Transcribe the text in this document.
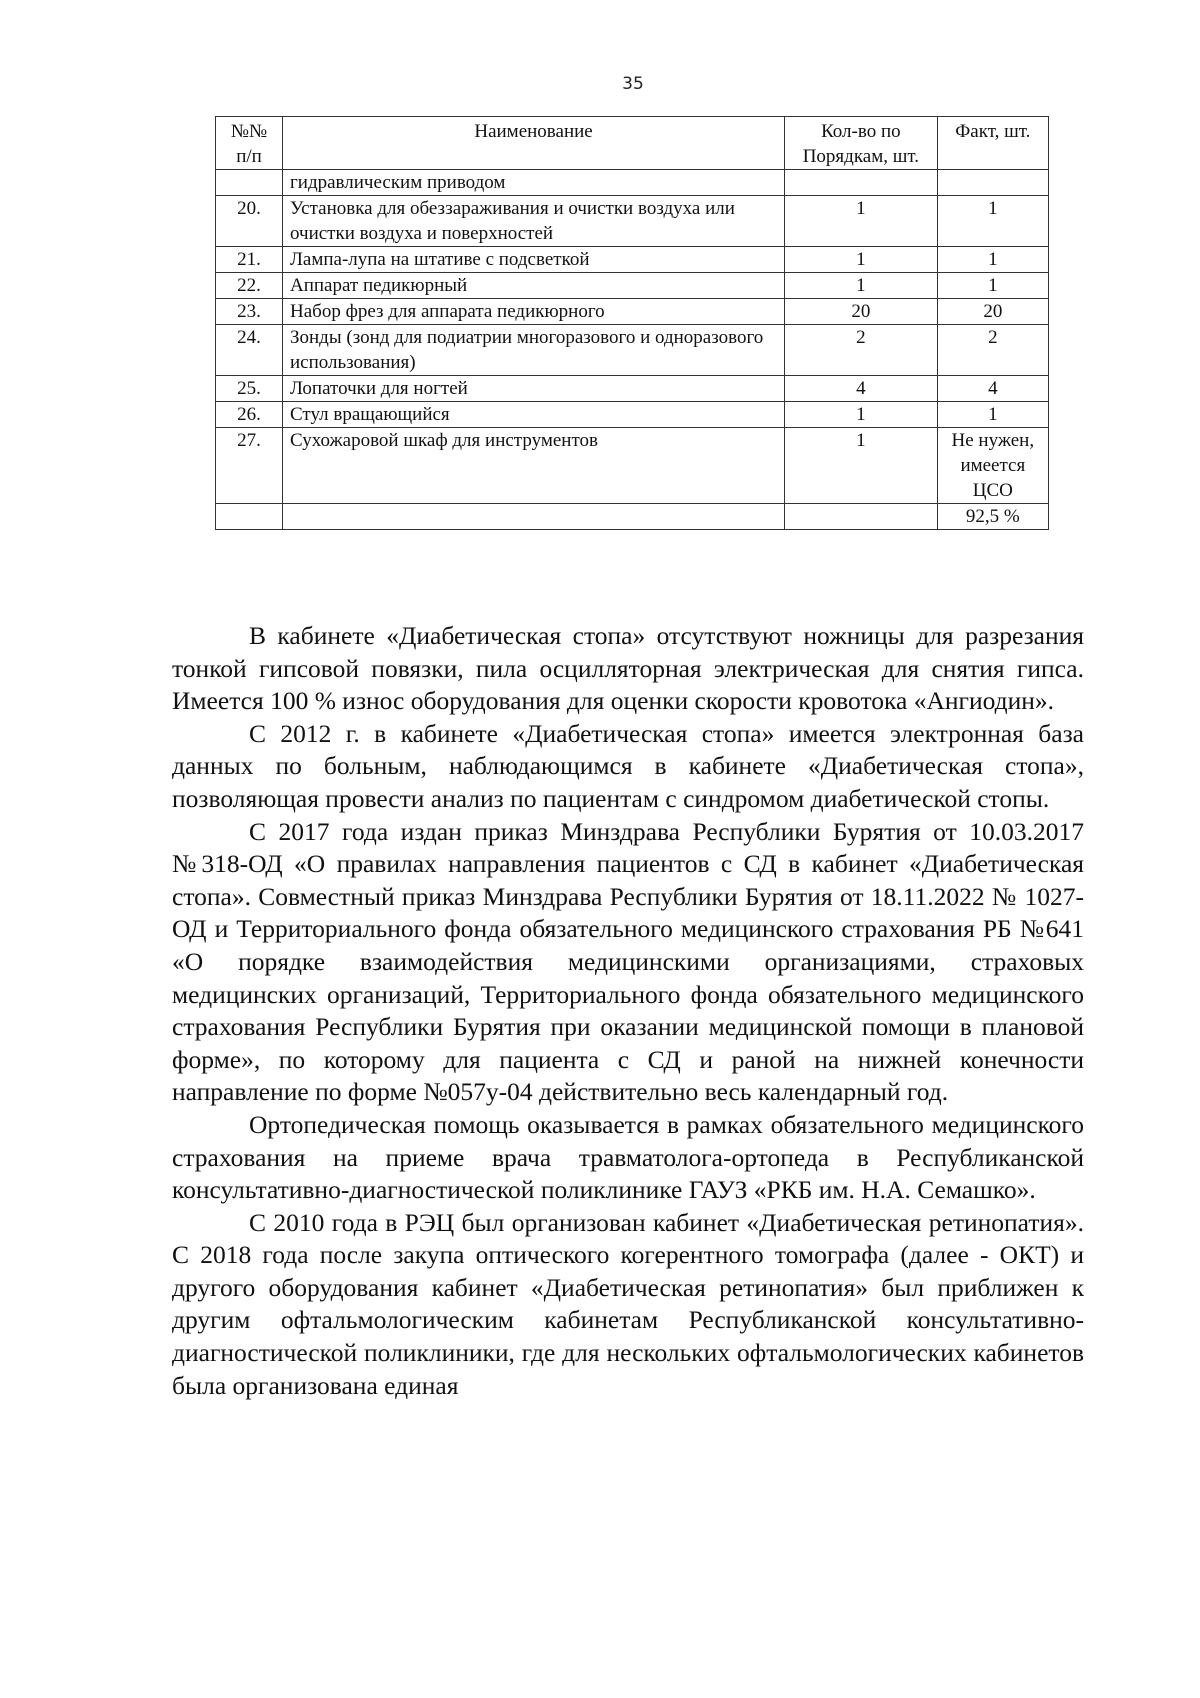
35
№№ п/п	Наименование	Кол-во по Порядкам, шт.	Факт, шт.
	гидравлическим приводом		
20.	Установка для обеззараживания и очистки воздуха или очистки воздуха и поверхностей	1	1
21.	Лампа-лупа на штативе с подсветкой	1	1
22.	Аппарат педикюрный	1	1
23.	Набор фрез для аппарата педикюрного	20	20
24.	Зонды (зонд для подиатрии многоразового и одноразового использования)	2	2
25.	Лопаточки для ногтей	4	4
26.	Стул вращающийся	1	1
27.	Сухожаровой шкаф для инструментов	1	Не нужен, имеется ЦСО
			92,5 %

В кабинете «Диабетическая стопа» отсутствуют ножницы для разрезания тонкой гипсовой повязки, пила осцилляторная электрическая для снятия гипса. Имеется 100 % износ оборудования для оценки скорости кровотока «Ангиодин».

С 2012 г. в кабинете «Диабетическая стопа» имеется электронная база данных по больным, наблюдающимся в кабинете «Диабетическая стопа», позволяющая провести анализ по пациентам с синдромом диабетической стопы.

С 2017 года издан приказ Минздрава Республики Бурятия от 10.03.2017 №318-ОД «О правилах направления пациентов с СД в кабинет «Диабетическая стопа». Совместный приказ Минздрава Республики Бурятия от 18.11.2022 № 1027-ОД и Территориального фонда обязательного медицинского страхования РБ №641 «О порядке взаимодействия медицинскими организациями, страховых медицинских организаций, Территориального фонда обязательного медицинского страхования Республики Бурятия при оказании медицинской помощи в плановой форме», по которому для пациента с СД и раной на нижней конечности направление по форме №057у-04 действительно весь календарный год.

Ортопедическая помощь оказывается в рамках обязательного медицинского страхования на приеме врача травматолога-ортопеда в Республиканской консультативно-диагностической поликлинике ГАУЗ «РКБ им. Н.А. Семашко».

С 2010 года в РЭЦ был организован кабинет «Диабетическая ретинопатия». С 2018 года после закупа оптического когерентного томографа (далее - ОКТ) и другого оборудования кабинет «Диабетическая ретинопатия» был приближен к другим офтальмологическим кабинетам Республиканской консультативно-диагностической поликлиники, где для нескольких офтальмологических кабинетов была организована единая
